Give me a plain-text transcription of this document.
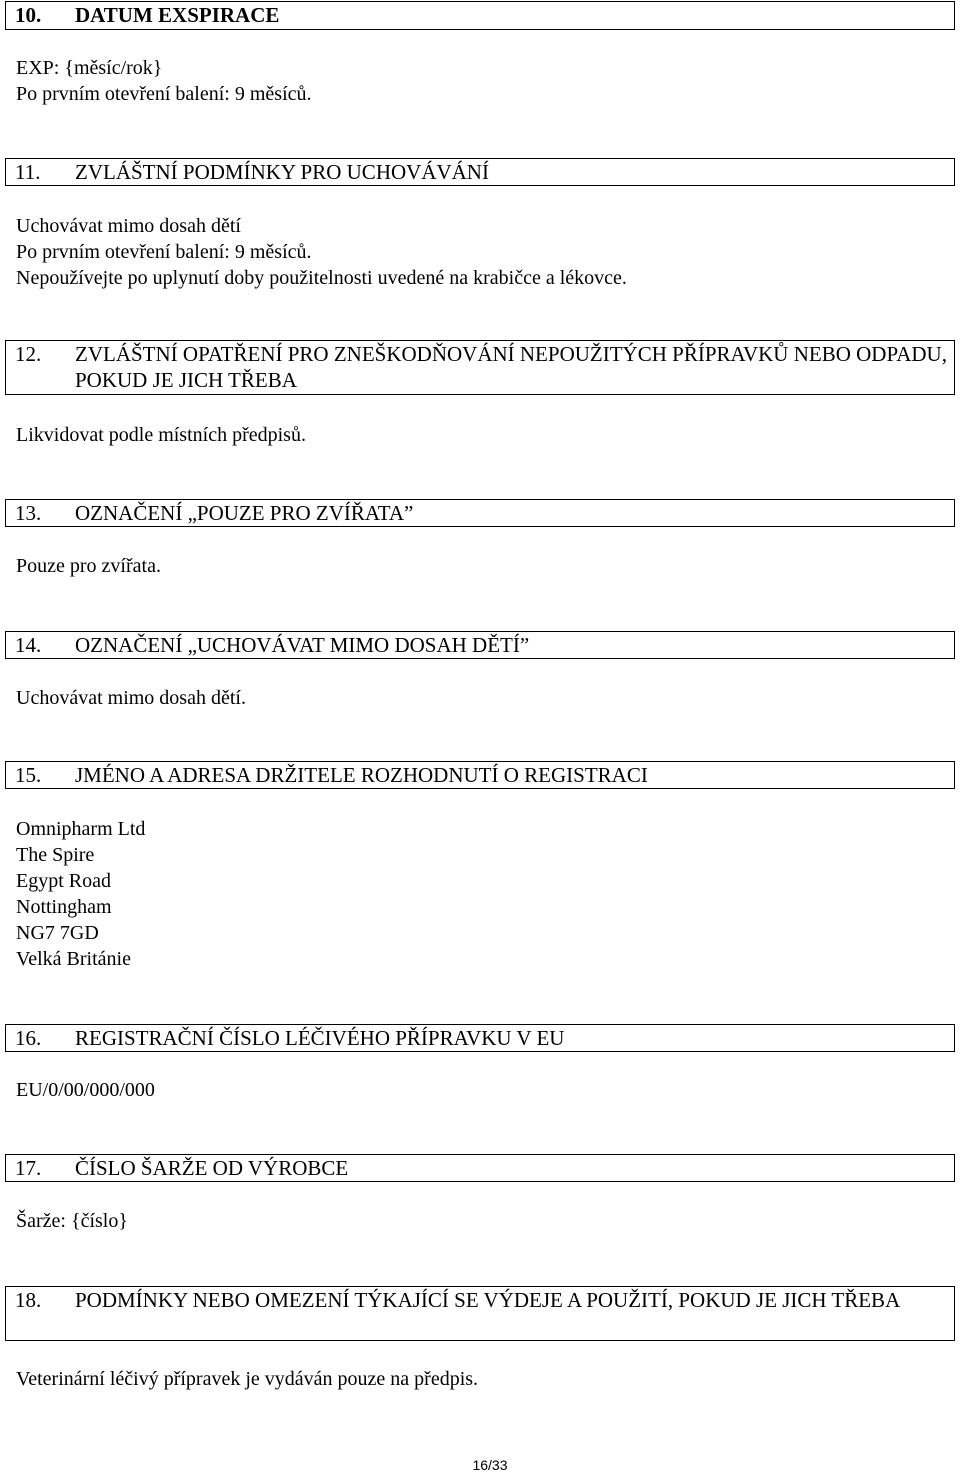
10. DATUM EXSPIRACE
EXP: {měsíc/rok}
Po prvním otevření balení: 9 měsíců.
11. ZVLÁŠTNÍ PODMÍNKY PRO UCHOVÁVÁNÍ
Uchovávat mimo dosah dětí
Po prvním otevření balení: 9 měsíců.
Nepoužívejte po uplynutí doby použitelnosti uvedené na krabičce a lékovce.
12. ZVLÁŠTNÍ OPATŘENÍ PRO ZNEŠKODŇOVÁNÍ NEPOUŽITÝCH PŘÍPRAVKŮ NEBO ODPADU, POKUD JE JICH TŘEBA
Likvidovat podle místních předpisů.
13. OZNAČENÍ „POUZE PRO ZVÍŘATA”
Pouze pro zvířata.
14. OZNAČENÍ „UCHOVÁVAT MIMO DOSAH DĚTÍ”
Uchovávat mimo dosah dětí.
15. JMÉNO A ADRESA DRŽITELE ROZHODNUTÍ O REGISTRACI
Omnipharm Ltd
The Spire
Egypt Road
Nottingham
NG7 7GD
Velká Británie
16. REGISTRAČNÍ ČÍSLO LÉČIVÉHO PŘÍPRAVKU V EU
EU/0/00/000/000
17. ČÍSLO ŠARŽE OD VÝROBCE
Šarže: {číslo}
18. PODMÍNKY NEBO OMEZENÍ TÝKAJÍCÍ SE VÝDEJE A POUŽITÍ, POKUD JE JICH TŘEBA
Veterinární léčivý přípravek je vydáván pouze na předpis.
16/33
